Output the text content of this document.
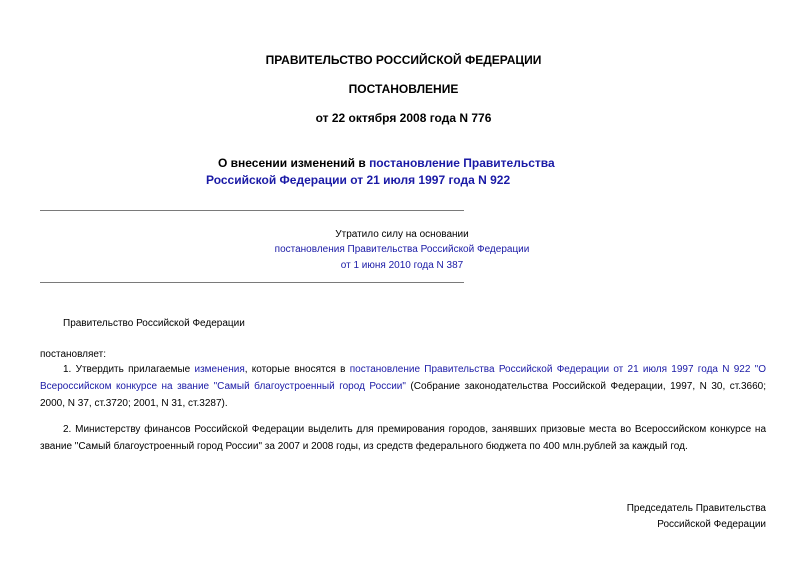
ПРАВИТЕЛЬСТВО РОССИЙСКОЙ ФЕДЕРАЦИИ
ПОСТАНОВЛЕНИЕ
от 22 октября 2008 года N 776
О внесении изменений в постановление Правительства
Российской Федерации от 21 июля 1997 года N 922
Утратило силу на основании
постановления Правительства Российской Федерации
от 1 июня 2010 года N 387
Правительство Российской Федерации
постановляет:
1. Утвердить прилагаемые изменения, которые вносятся в постановление Правительства Российской Федерации от 21 июля 1997 года N 922 "О Всероссийском конкурсе на звание "Самый благоустроенный город России" (Собрание законодательства Российской Федерации, 1997, N 30, ст.3660; 2000, N 37, ст.3720; 2001, N 31, ст.3287).
2. Министерству финансов Российской Федерации выделить для премирования городов, занявших призовые места во Всероссийском конкурсе на звание "Самый благоустроенный город России" за 2007 и 2008 годы, из средств федерального бюджета по 400 млн.рублей за каждый год.
Председатель Правительства
Российской Федерации
